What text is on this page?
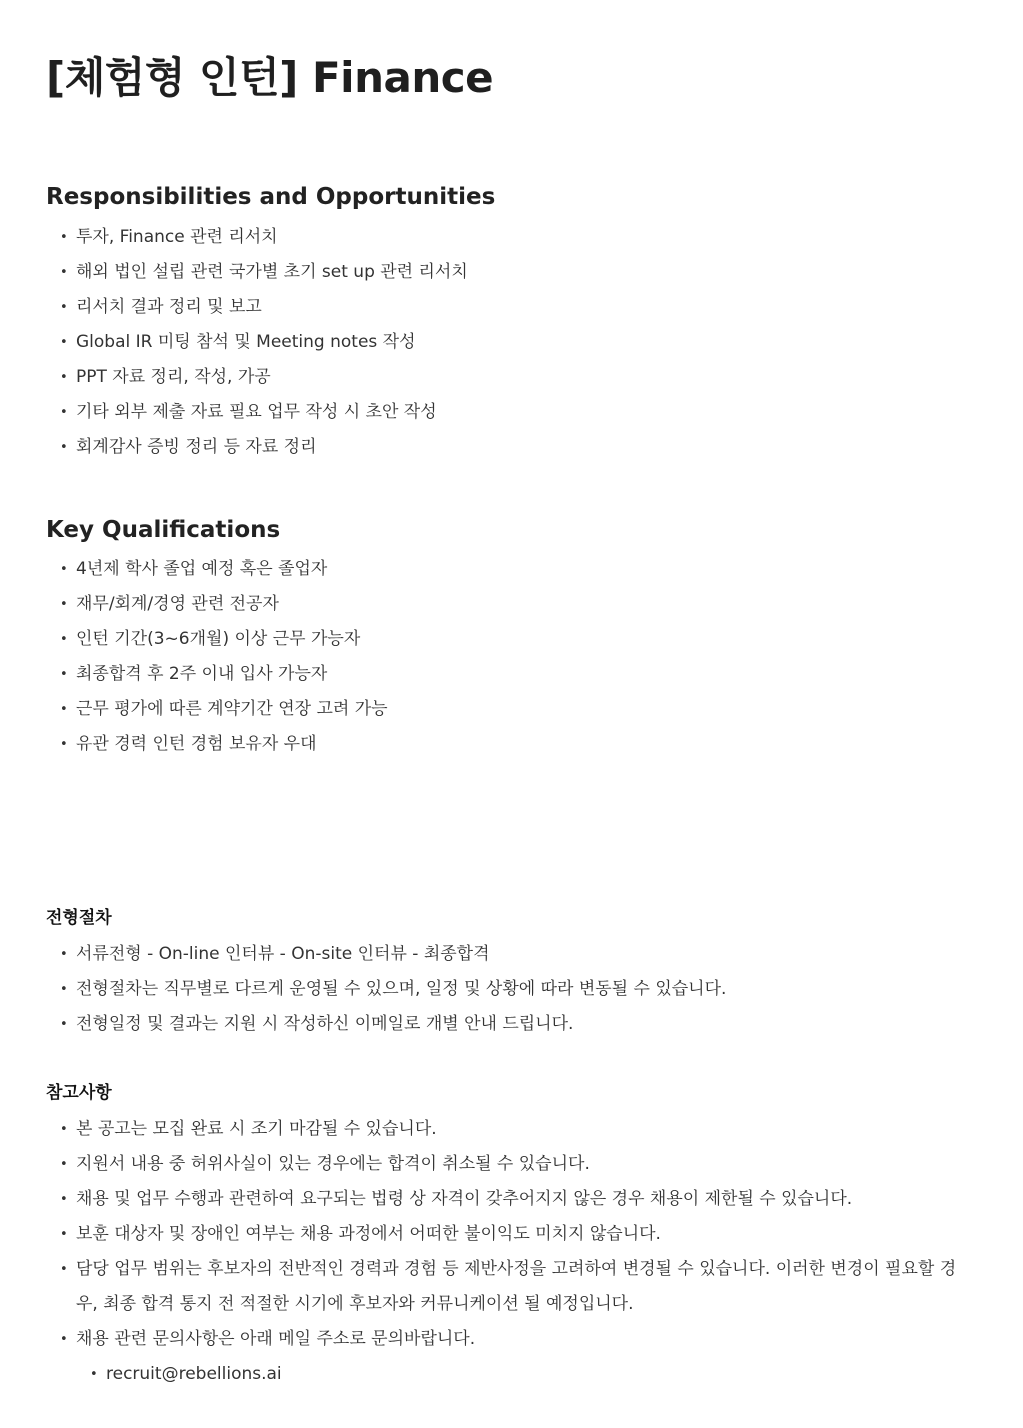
[체험형 인턴] Finance
Responsibilities and Opportunities
• 투자, Finance 관련 리서치
• 해외 법인 설립 관련 국가별 초기 set up 관련 리서치
• 리서치 결과 정리 및 보고
• Global IR 미팅 참석 및 Meeting notes 작성
• PPT 자료 정리, 작성, 가공
• 기타 외부 제출 자료 필요 업무 작성 시 초안 작성
• 회계감사 증빙 정리 등 자료 정리
Key Qualifications
• 4년제 학사 졸업 예정 혹은 졸업자
• 재무/회계/경영 관련 전공자
• 인턴 기간(3~6개월) 이상 근무 가능자
• 최종합격 후 2주 이내 입사 가능자
• 근무 평가에 따른 계약기간 연장 고려 가능
• 유관 경력 인턴 경험 보유자 우대
전형절차
• 서류전형 - On-line 인터뷰 - On-site 인터뷰 - 최종합격
• 전형절차는 직무별로 다르게 운영될 수 있으며, 일정 및 상황에 따라 변동될 수 있습니다.
• 전형일정 및 결과는 지원 시 작성하신 이메일로 개별 안내 드립니다.
참고사항
• 본 공고는 모집 완료 시 조기 마감될 수 있습니다.
• 지원서 내용 중 허위사실이 있는 경우에는 합격이 취소될 수 있습니다.
• 채용 및 업무 수행과 관련하여 요구되는 법령 상 자격이 갖추어지지 않은 경우 채용이 제한될 수 있습니다.
• 보훈 대상자 및 장애인 여부는 채용 과정에서 어떠한 불이익도 미치지 않습니다.
• 담당 업무 범위는 후보자의 전반적인 경력과 경험 등 제반사정을 고려하여 변경될 수 있습니다. 이러한 변경이 필요할 경우, 최종 합격 통지 전 적절한 시기에 후보자와 커뮤니케이션 될 예정입니다.
• 채용 관련 문의사항은 아래 메일 주소로 문의바랍니다.
• recruit@rebellions.ai
